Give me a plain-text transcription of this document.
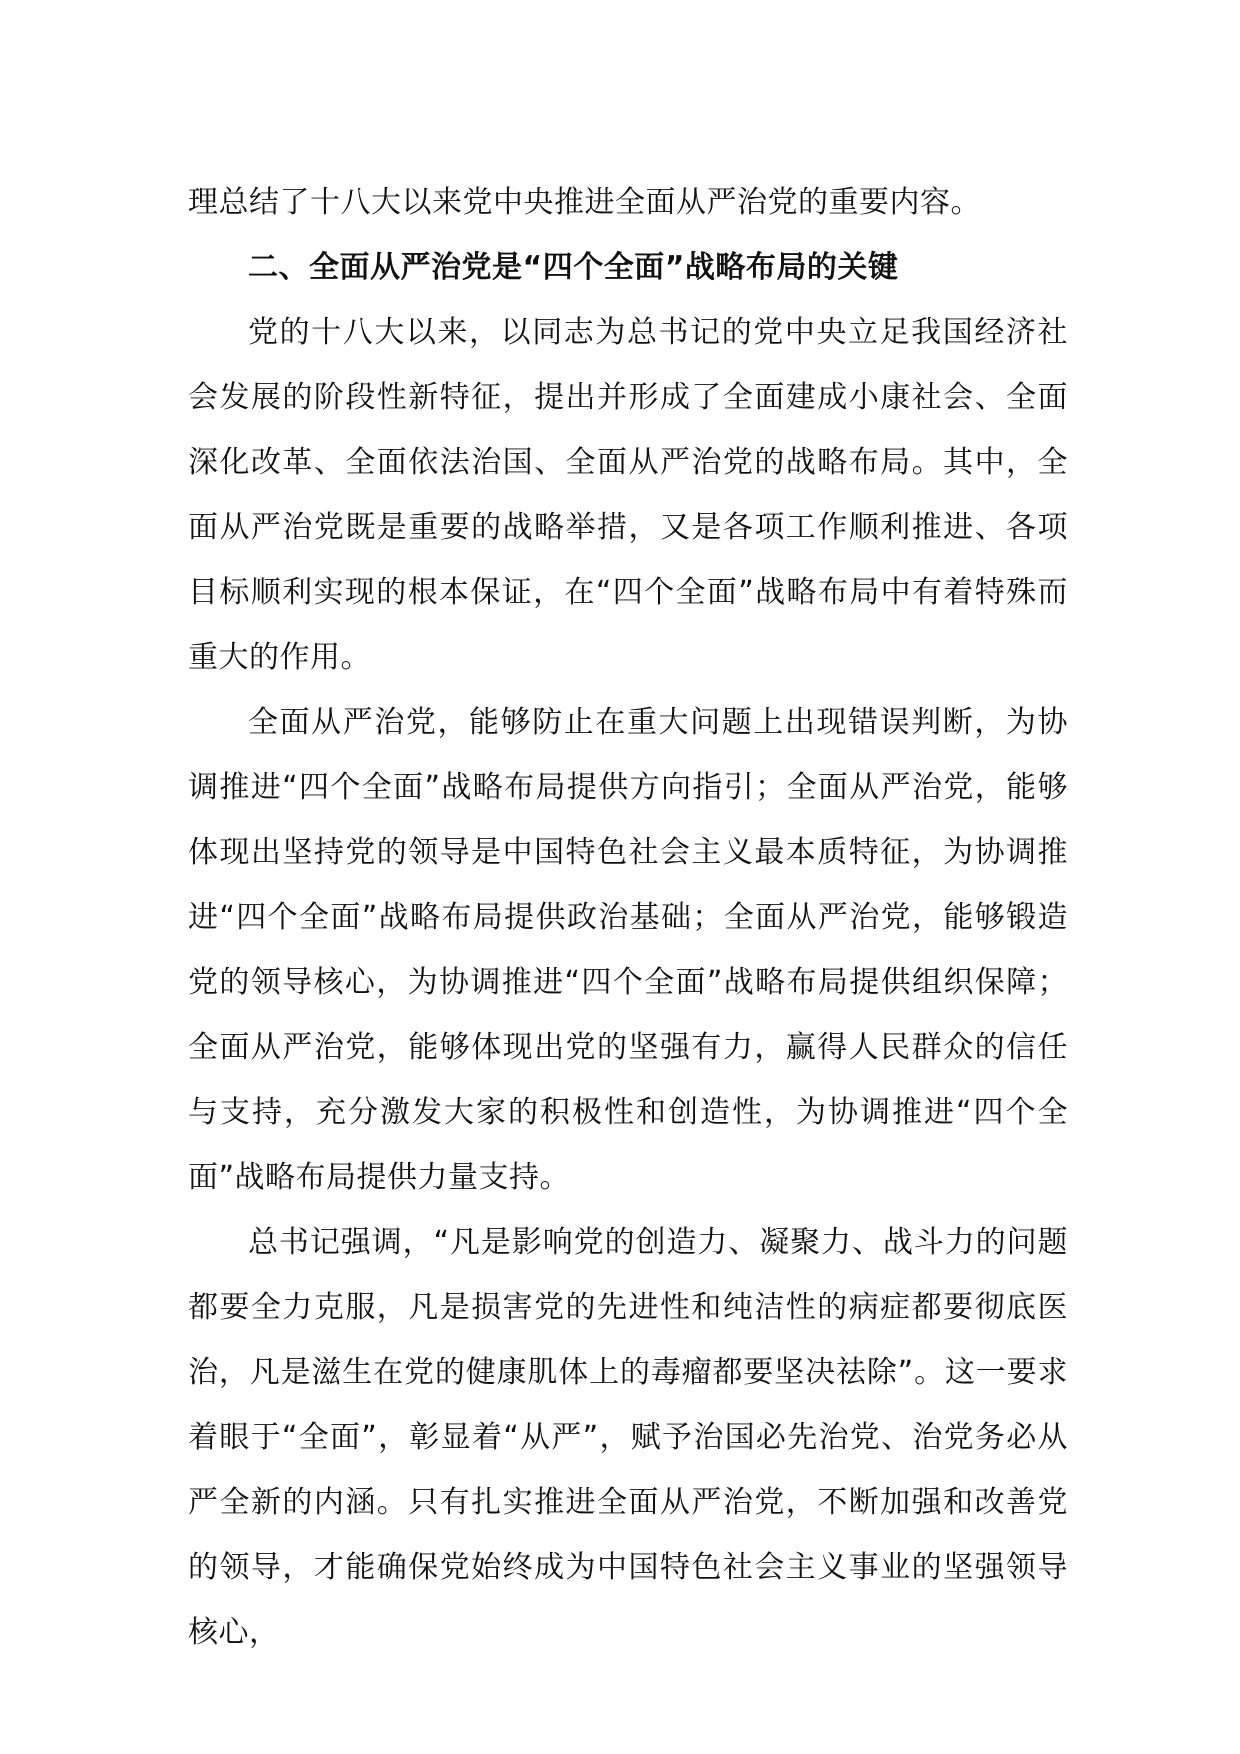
理总结了十八大以来党中央推进全面从严治党的重要内容。

二、全面从严治党是“四个全面”战略布局的关键

党的十八大以来，以同志为总书记的党中央立足我国经济社会发展的阶段性新特征，提出并形成了全面建成小康社会、全面深化改革、全面依法治国、全面从严治党的战略布局。其中，全面从严治党既是重要的战略举措，又是各项工作顺利推进、各项目标顺利实现的根本保证，在“四个全面”战略布局中有着特殊而重大的作用。

全面从严治党，能够防止在重大问题上出现错误判断，为协调推进“四个全面”战略布局提供方向指引；全面从严治党，能够体现出坚持党的领导是中国特色社会主义最本质特征，为协调推进“四个全面”战略布局提供政治基础；全面从严治党，能够锻造党的领导核心，为协调推进“四个全面”战略布局提供组织保障；全面从严治党，能够体现出党的坚强有力，赢得人民群众的信任与支持，充分激发大家的积极性和创造性，为协调推进“四个全面”战略布局提供力量支持。

总书记强调，“凡是影响党的创造力、凝聚力、战斗力的问题都要全力克服，凡是损害党的先进性和纯洁性的病症都要彻底医治，凡是滋生在党的健康肌体上的毒瘤都要坚决祛除”。这一要求着眼于“全面”，彰显着“从严”，赋予治国必先治党、治党务必从严全新的内涵。只有扎实推进全面从严治党，不断加强和改善党的领导，才能确保党始终成为中国特色社会主义事业的坚强领导核心，
